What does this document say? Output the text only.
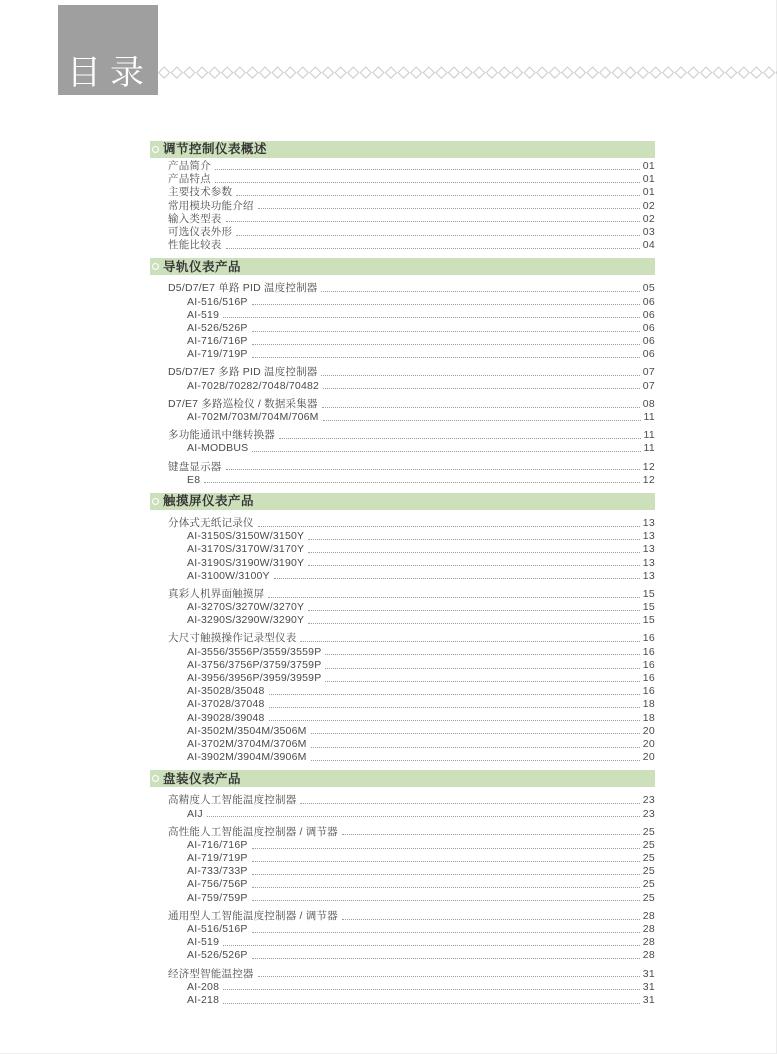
目录
调节控制仪表概述
产品简介	01
产品特点	01
主要技术参数	01
常用模块功能介绍	02
输入类型表	02
可选仪表外形	03
性能比较表	04
导轨仪表产品
D5/D7/E7 单路 PID 温度控制器	05
AI-516/516P	06
AI-519	06
AI-526/526P	06
AI-716/716P	06
AI-719/719P	06
D5/D7/E7 多路 PID 温度控制器	07
AI-7028/70282/7048/70482	07
D7/E7 多路巡检仪 / 数据采集器	08
AI-702M/703M/704M/706M	11
多功能通讯中继转换器	11
AI-MODBUS	11
键盘显示器	12
E8	12
触摸屏仪表产品
分体式无纸记录仪	13
AI-3150S/3150W/3150Y	13
AI-3170S/3170W/3170Y	13
AI-3190S/3190W/3190Y	13
AI-3100W/3100Y	13
真彩人机界面触摸屏	15
AI-3270S/3270W/3270Y	15
AI-3290S/3290W/3290Y	15
大尺寸触摸操作记录型仪表	16
AI-3556/3556P/3559/3559P	16
AI-3756/3756P/3759/3759P	16
AI-3956/3956P/3959/3959P	16
AI-35028/35048	16
AI-37028/37048	18
AI-39028/39048	18
AI-3502M/3504M/3506M	20
AI-3702M/3704M/3706M	20
AI-3902M/3904M/3906M	20
盘装仪表产品
高精度人工智能温度控制器	23
AIJ	23
高性能人工智能温度控制器 / 调节器	25
AI-716/716P	25
AI-719/719P	25
AI-733/733P	25
AI-756/756P	25
AI-759/759P	25
通用型人工智能温度控制器 / 调节器	28
AI-516/516P	28
AI-519	28
AI-526/526P	28
经济型智能温控器	31
AI-208	31
AI-218	31
